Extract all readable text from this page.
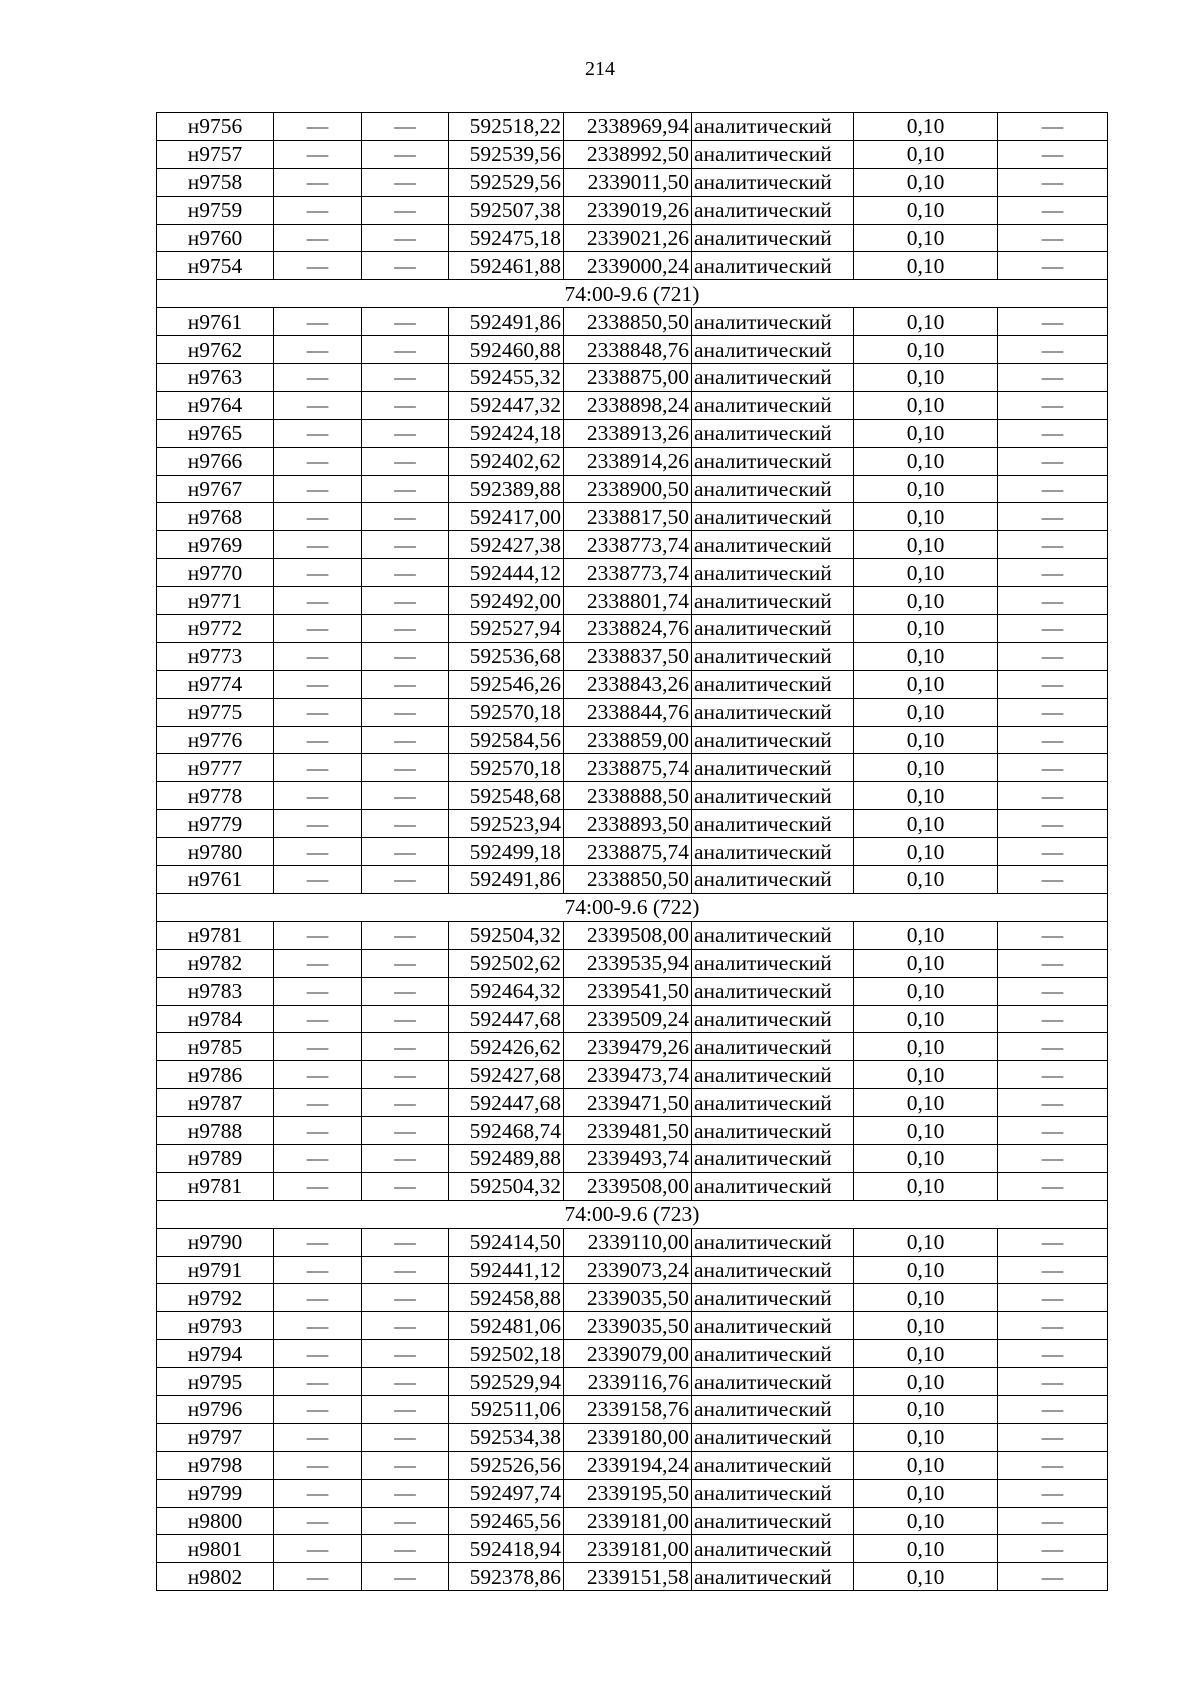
214
н9756	—	—	592518,22	2338969,94	аналитический	0,10	—
н9757	—	—	592539,56	2338992,50	аналитический	0,10	—
н9758	—	—	592529,56	2339011,50	аналитический	0,10	—
н9759	—	—	592507,38	2339019,26	аналитический	0,10	—
н9760	—	—	592475,18	2339021,26	аналитический	0,10	—
н9754	—	—	592461,88	2339000,24	аналитический	0,10	—
74:00-9.6 (721)							
н9761	—	—	592491,86	2338850,50	аналитический	0,10	—
н9762	—	—	592460,88	2338848,76	аналитический	0,10	—
н9763	—	—	592455,32	2338875,00	аналитический	0,10	—
н9764	—	—	592447,32	2338898,24	аналитический	0,10	—
н9765	—	—	592424,18	2338913,26	аналитический	0,10	—
н9766	—	—	592402,62	2338914,26	аналитический	0,10	—
н9767	—	—	592389,88	2338900,50	аналитический	0,10	—
н9768	—	—	592417,00	2338817,50	аналитический	0,10	—
н9769	—	—	592427,38	2338773,74	аналитический	0,10	—
н9770	—	—	592444,12	2338773,74	аналитический	0,10	—
н9771	—	—	592492,00	2338801,74	аналитический	0,10	—
н9772	—	—	592527,94	2338824,76	аналитический	0,10	—
н9773	—	—	592536,68	2338837,50	аналитический	0,10	—
н9774	—	—	592546,26	2338843,26	аналитический	0,10	—
н9775	—	—	592570,18	2338844,76	аналитический	0,10	—
н9776	—	—	592584,56	2338859,00	аналитический	0,10	—
н9777	—	—	592570,18	2338875,74	аналитический	0,10	—
н9778	—	—	592548,68	2338888,50	аналитический	0,10	—
н9779	—	—	592523,94	2338893,50	аналитический	0,10	—
н9780	—	—	592499,18	2338875,74	аналитический	0,10	—
н9761	—	—	592491,86	2338850,50	аналитический	0,10	—
74:00-9.6 (722)							
н9781	—	—	592504,32	2339508,00	аналитический	0,10	—
н9782	—	—	592502,62	2339535,94	аналитический	0,10	—
н9783	—	—	592464,32	2339541,50	аналитический	0,10	—
н9784	—	—	592447,68	2339509,24	аналитический	0,10	—
н9785	—	—	592426,62	2339479,26	аналитический	0,10	—
н9786	—	—	592427,68	2339473,74	аналитический	0,10	—
н9787	—	—	592447,68	2339471,50	аналитический	0,10	—
н9788	—	—	592468,74	2339481,50	аналитический	0,10	—
н9789	—	—	592489,88	2339493,74	аналитический	0,10	—
н9781	—	—	592504,32	2339508,00	аналитический	0,10	—
74:00-9.6 (723)							
н9790	—	—	592414,50	2339110,00	аналитический	0,10	—
н9791	—	—	592441,12	2339073,24	аналитический	0,10	—
н9792	—	—	592458,88	2339035,50	аналитический	0,10	—
н9793	—	—	592481,06	2339035,50	аналитический	0,10	—
н9794	—	—	592502,18	2339079,00	аналитический	0,10	—
н9795	—	—	592529,94	2339116,76	аналитический	0,10	—
н9796	—	—	592511,06	2339158,76	аналитический	0,10	—
н9797	—	—	592534,38	2339180,00	аналитический	0,10	—
н9798	—	—	592526,56	2339194,24	аналитический	0,10	—
н9799	—	—	592497,74	2339195,50	аналитический	0,10	—
н9800	—	—	592465,56	2339181,00	аналитический	0,10	—
н9801	—	—	592418,94	2339181,00	аналитический	0,10	—
н9802	—	—	592378,86	2339151,58	аналитический	0,10	—
